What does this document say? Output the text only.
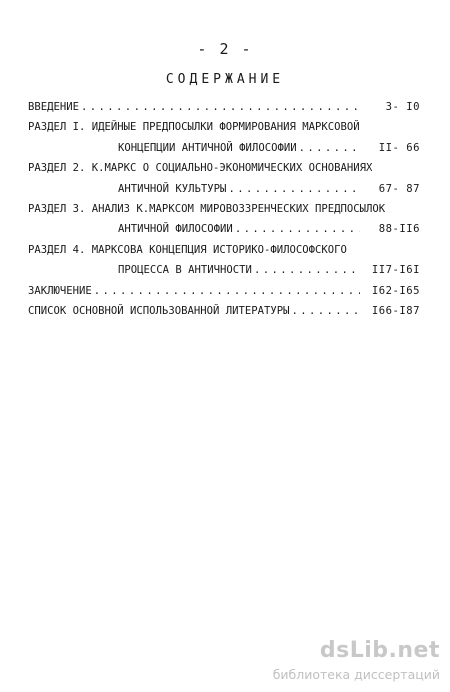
- 2 -
СОДЕРЖАНИЕ
ВВЕДЕНИЕ . . .	3- I0
РАЗДЕЛ I. ИДЕЙНЫЕ ПРЕДПОСЫЛКИ ФОРМИРОВАНИЯ МАРКСОВОЙ
КОНЦЕПЦИИ АНТИЧНОЙ ФИЛОСОФИИ . . .	II- 66
РАЗДЕЛ 2. К.МАРКС О СОЦИАЛЬНО-ЭКОНОМИЧЕСКИХ ОСНОВАНИЯХ
АНТИЧНОЙ КУЛЬТУРЫ . . .	67- 87
РАЗДЕЛ 3. АНАЛИЗ К.МАРКСОМ МИРОВОЗЗРЕНЧЕСКИХ ПРЕДПОСЫЛОК
АНТИЧНОЙ ФИЛОСОФИИ . . .	88-II6
РАЗДЕЛ 4. МАРКСОВА КОНЦЕПЦИЯ ИСТОРИКО-ФИЛОСОФСКОГО
ПРОЦЕССА В АНТИЧНОСТИ . . .	II7-I6I
ЗАКЛЮЧЕНИЕ . . .	I62-I65
СПИСОК ОСНОВНОЙ ИСПОЛЬЗОВАННОЙ ЛИТЕРАТУРЫ . . .	I66-I87
dsLib.net
библиотека диссертаций
